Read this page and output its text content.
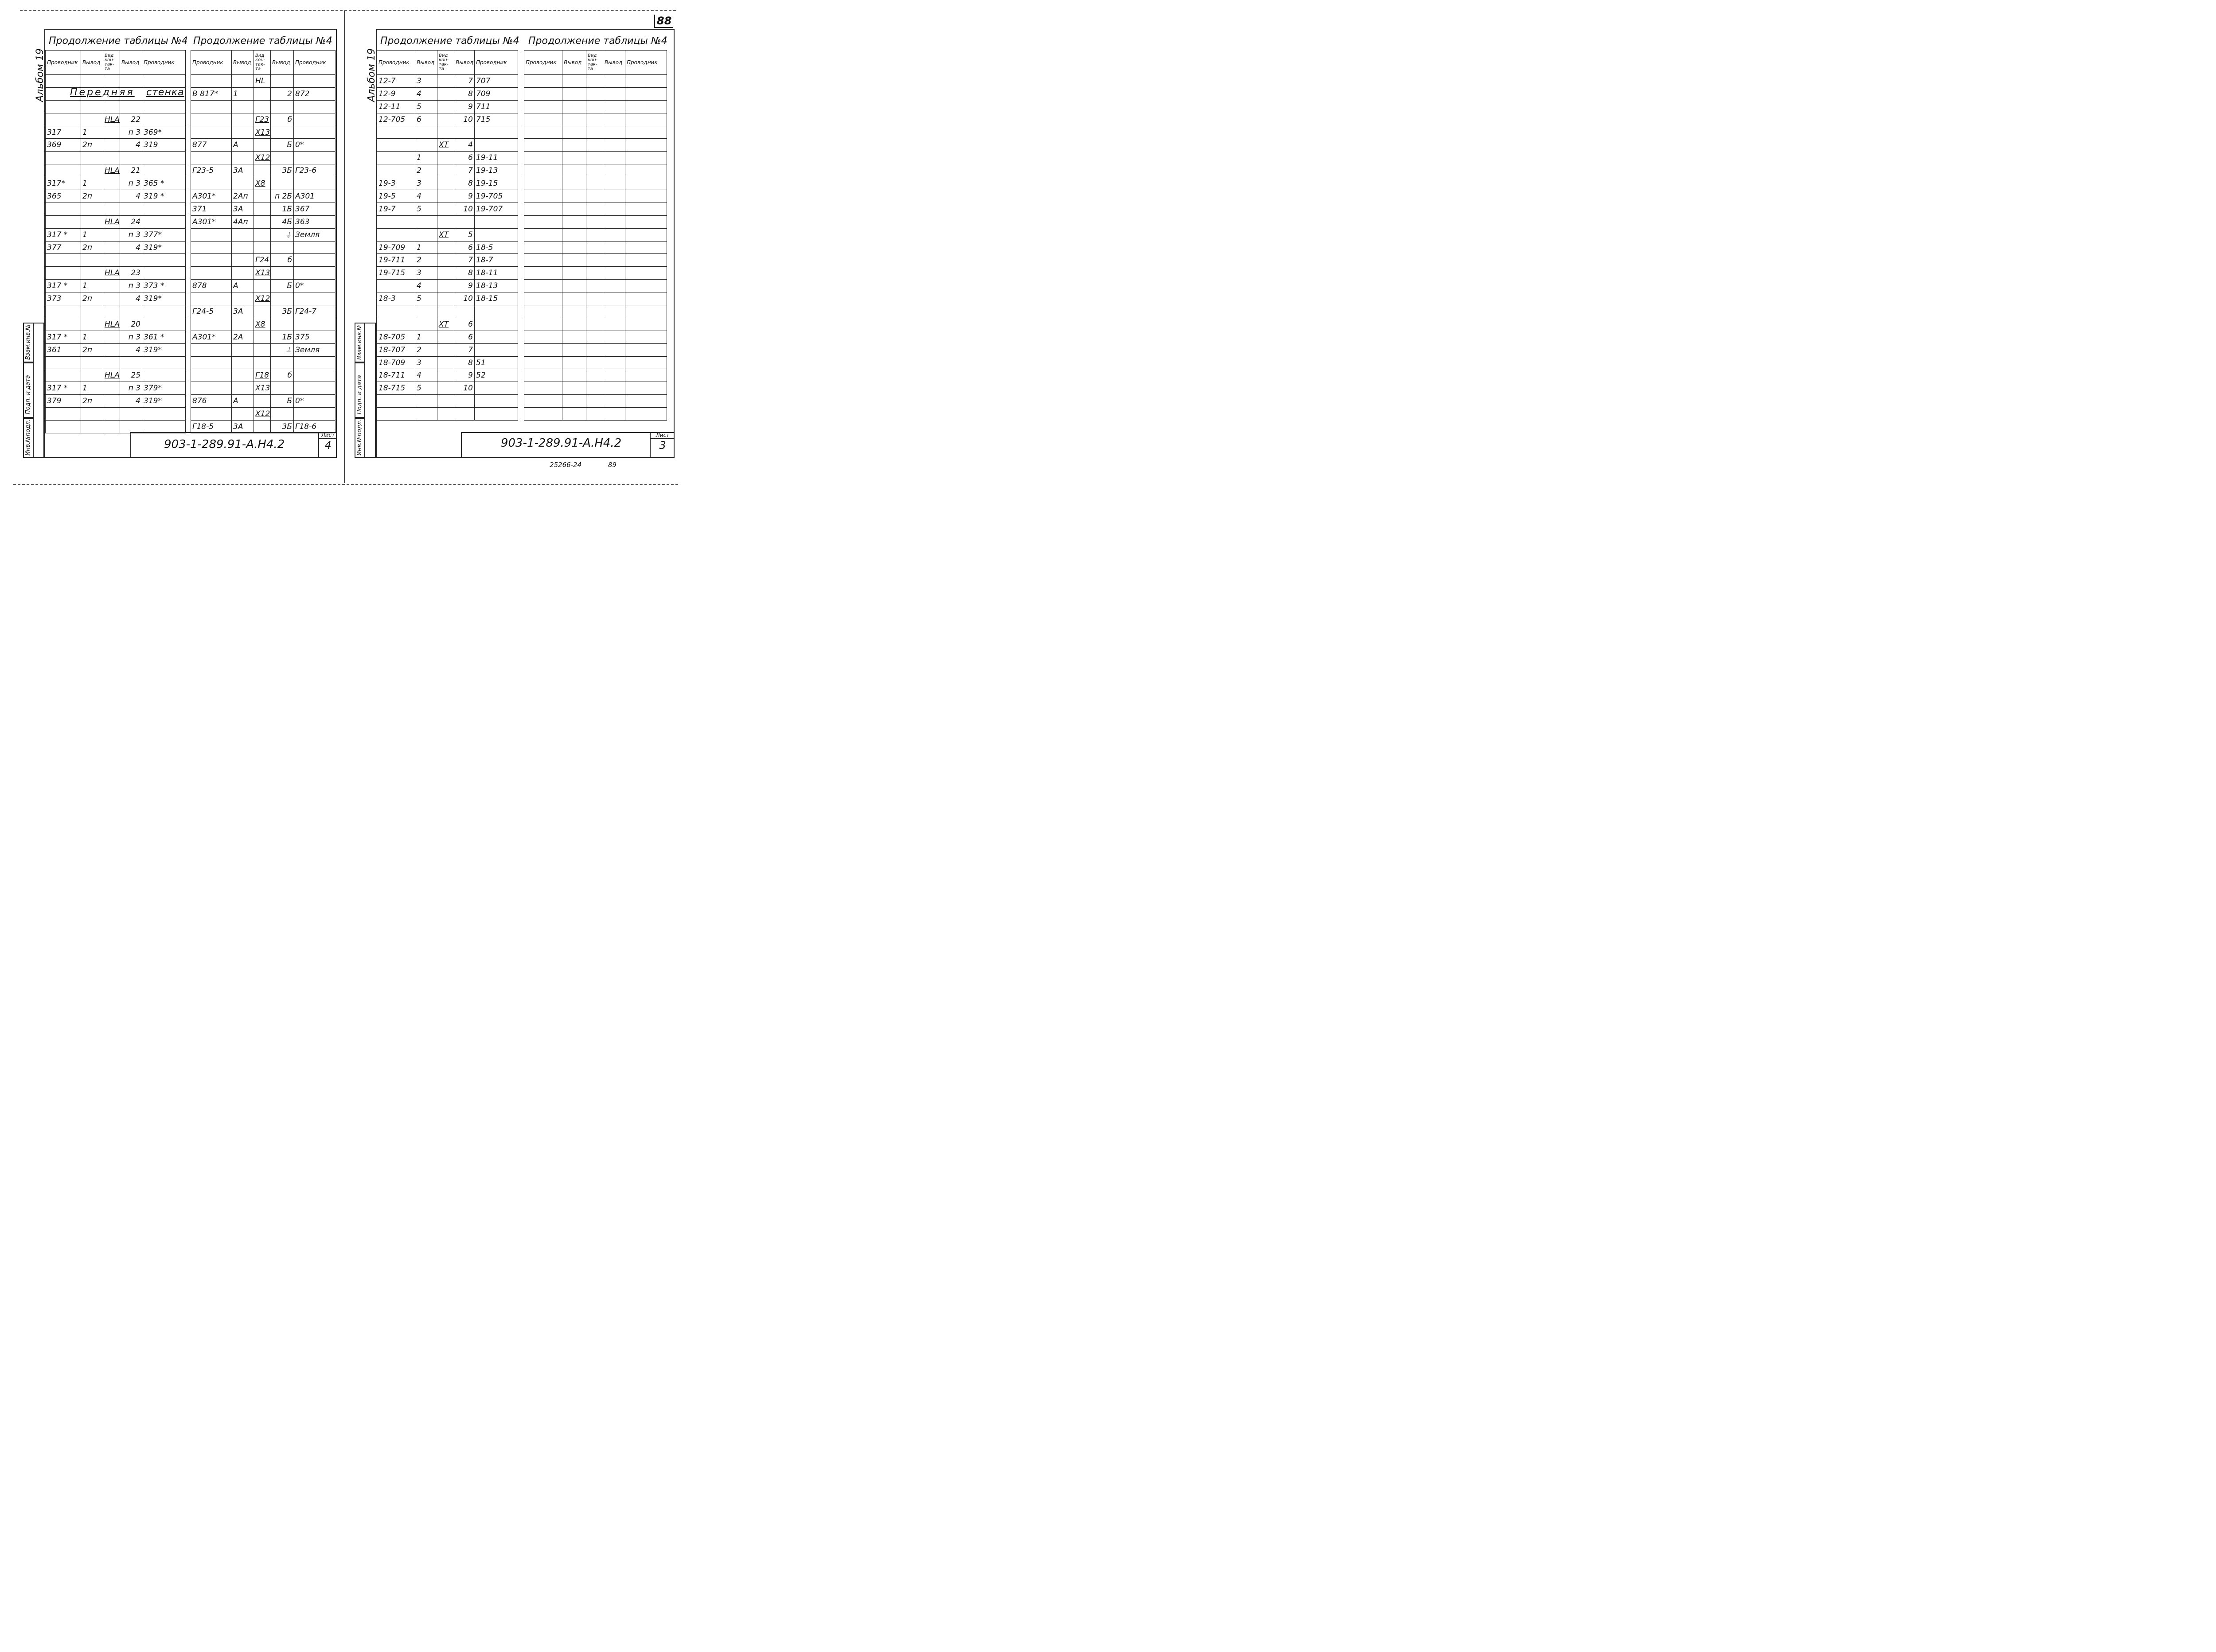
Альбом 19
Взам.инв.№
Подп. и дата
Инв.№подл.
Продолжение таблицы №4 Продолжение таблицы №4
Проводник	Вывод	Вид кон-так-та	Вывод	Проводник

		HLA	22	
317	1		п 3	369*
369	2п		4	319

		HLA	21	
317*	1		п 3	365 *
365	2п		4	319 *

		HLA	24	
317 *	1		п 3	377*
377	2п		4	319*

		HLA	23	
317 *	1		п 3	373 *
373	2п		4	319*

		HLA	20	
317 *	1		п 3	361 *
361	2п		4	319*

		HLA	25	
317 *	1		п 3	379*
379	2п		4	319*

Передняя стенка
Проводник	Вывод	Вид кон-так-та	Вывод	Проводник
		HL		
В 817*	1		2	872

		Г23	б	
		X13		
877	А		Б	0*
		X12		
Г23-5	3А		3Б	Г23-6
		X8		
А301*	2Ап		п 2Б	А301
371	3А		1Б	367
А301*	4Ап		4Б	363
			⏚	Земля

		Г24	б	
		X13		
878	А		Б	0*
		X12		
Г24-5	3А		3Б	Г24-7
		X8		
А301*	2А		1Б	375
			⏚	Земля

		Г18	б	
		X13		
876	А		Б	0*
		X12		
Г18-5	3А		3Б	Г18-6
903-1-289.91-А.Н4.2
Лист
4
88
Альбом 19
Взам.инв.№
Подп. и дата
Инв.№подл.
Продолжение таблицы №4 Продолжение таблицы №4
Проводник	Вывод	Вид кон-так-та	Вывод	Проводник
12-7	3		7	707
12-9	4		8	709
12-11	5		9	711
12-705	6		10	715

		XT	4	
	1		6	19-11
	2		7	19-13
19-3	3		8	19-15
19-5	4		9	19-705
19-7	5		10	19-707

		XT	5	
19-709	1		6	18-5
19-711	2		7	18-7
19-715	3		8	18-11
	4		9	18-13
18-3	5		10	18-15

		XT	6	
18-705	1		6	
18-707	2		7	
18-709	3		8	51
18-711	4		9	52
18-715	5		10	

Проводник	Вывод	Вид кон-так-та	Вывод	Проводник

903-1-289.91-А.Н4.2
Лист
3
25266-24	89
